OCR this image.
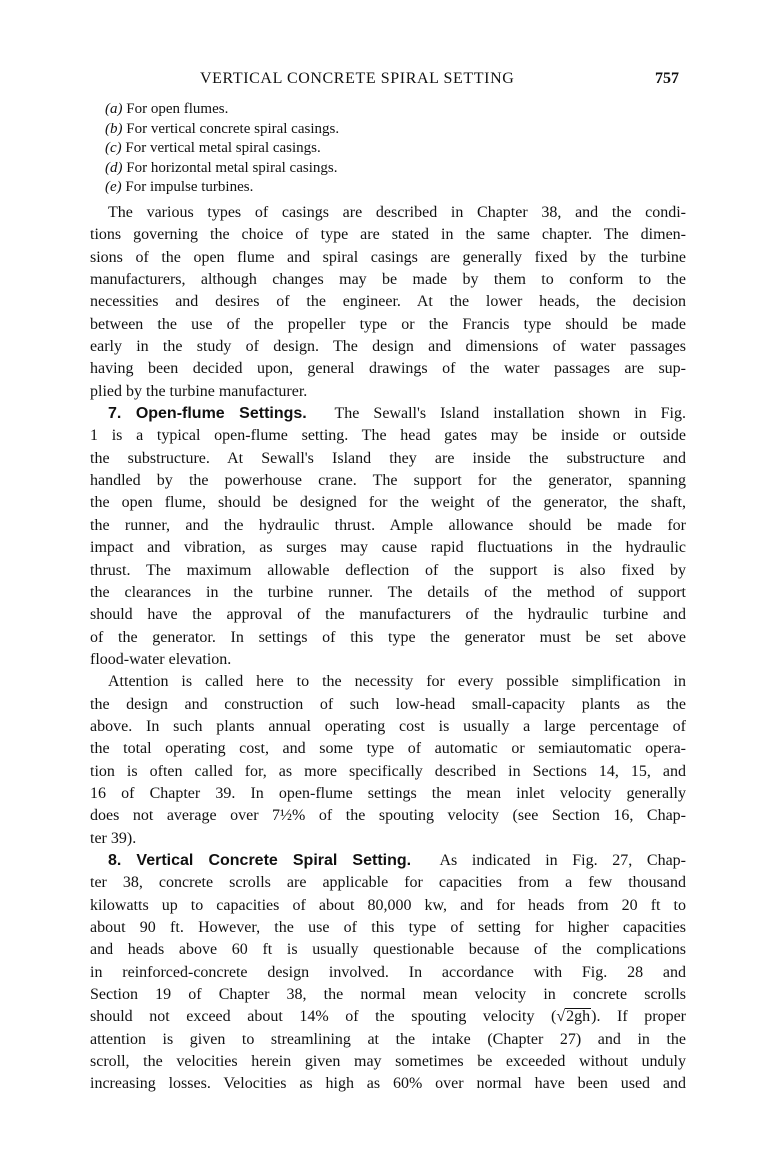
VERTICAL CONCRETE SPIRAL SETTING	757
(a) For open flumes.
(b) For vertical concrete spiral casings.
(c) For vertical metal spiral casings.
(d) For horizontal metal spiral casings.
(e) For impulse turbines.
The various types of casings are described in Chapter 38, and the condi-
tions governing the choice of type are stated in the same chapter. The dimen-
sions of the open flume and spiral casings are generally fixed by the turbine
manufacturers, although changes may be made by them to conform to the
necessities and desires of the engineer. At the lower heads, the decision
between the use of the propeller type or the Francis type should be made
early in the study of design. The design and dimensions of water passages
having been decided upon, general drawings of the water passages are sup-
plied by the turbine manufacturer.
7. Open-flume Settings. The Sewall's Island installation shown in Fig.
1 is a typical open-flume setting. The head gates may be inside or outside
the substructure. At Sewall's Island they are inside the substructure and
handled by the powerhouse crane. The support for the generator, spanning
the open flume, should be designed for the weight of the generator, the shaft,
the runner, and the hydraulic thrust. Ample allowance should be made for
impact and vibration, as surges may cause rapid fluctuations in the hydraulic
thrust. The maximum allowable deflection of the support is also fixed by
the clearances in the turbine runner. The details of the method of support
should have the approval of the manufacturers of the hydraulic turbine and
of the generator. In settings of this type the generator must be set above
flood-water elevation.
Attention is called here to the necessity for every possible simplification in
the design and construction of such low-head small-capacity plants as the
above. In such plants annual operating cost is usually a large percentage of
the total operating cost, and some type of automatic or semiautomatic opera-
tion is often called for, as more specifically described in Sections 14, 15, and
16 of Chapter 39. In open-flume settings the mean inlet velocity generally
does not average over 7½% of the spouting velocity (see Section 16, Chap-
ter 39).
8. Vertical Concrete Spiral Setting. As indicated in Fig. 27, Chap-
ter 38, concrete scrolls are applicable for capacities from a few thousand
kilowatts up to capacities of about 80,000 kw, and for heads from 20 ft to
about 90 ft. However, the use of this type of setting for higher capacities
and heads above 60 ft is usually questionable because of the complications
in reinforced-concrete design involved. In accordance with Fig. 28 and
Section 19 of Chapter 38, the normal mean velocity in concrete scrolls
should not exceed about 14% of the spouting velocity (√2gh). If proper
attention is given to streamlining at the intake (Chapter 27) and in the
scroll, the velocities herein given may sometimes be exceeded without unduly
increasing losses. Velocities as high as 60% over normal have been used and
